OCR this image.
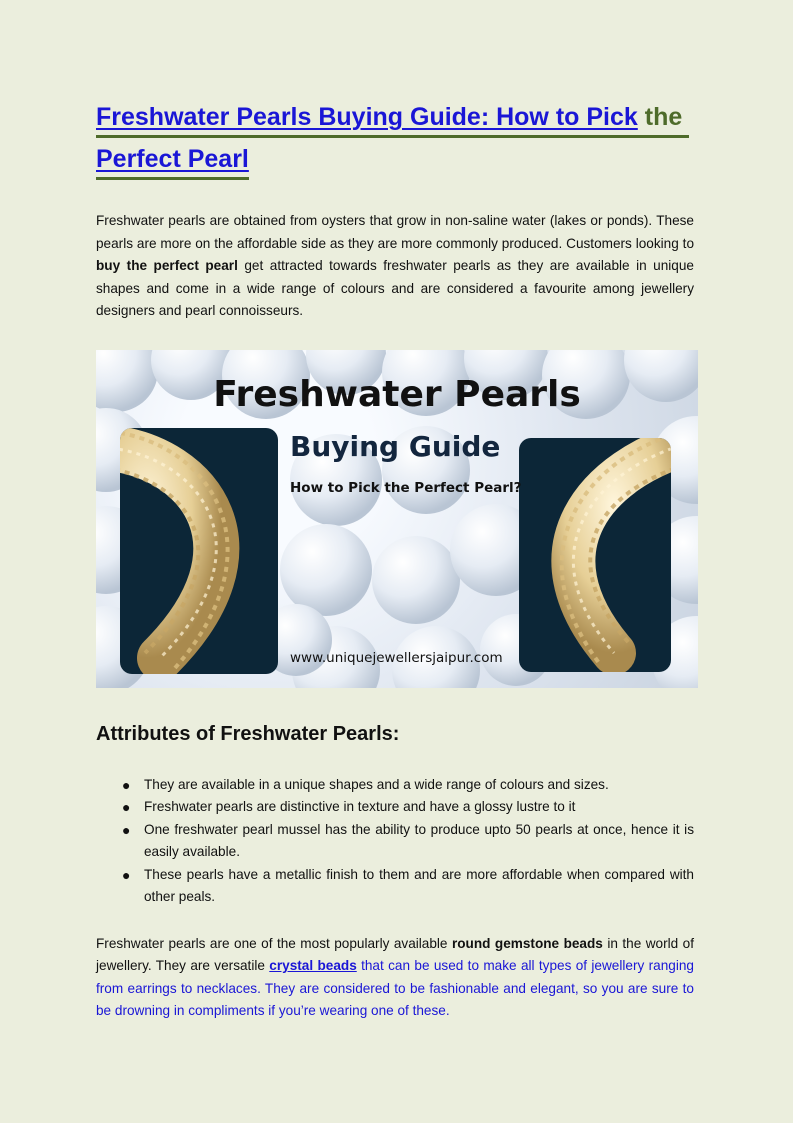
Freshwater Pearls Buying Guide: How to Pick the
Perfect Pearl

Freshwater pearls are obtained from oysters that grow in non-saline water (lakes or ponds). These pearls are more on the affordable side as they are more commonly produced. Customers looking to buy the perfect pearl get attracted towards freshwater pearls as they are available in unique shapes and come in a wide range of colours and are considered a favourite among jewellery designers and pearl connoisseurs.

Freshwater Pearls
Buying Guide
How to Pick the Perfect Pearl?
www.uniquejewellersjaipur.com
Attributes of Freshwater Pearls:
● They are available in a unique shapes and a wide range of colours and sizes.
● Freshwater pearls are distinctive in texture and have a glossy lustre to it
● One freshwater pearl mussel has the ability to produce upto 50 pearls at once, hence it is easily available.
● These pearls have a metallic finish to them and are more affordable when compared with other peals.

Freshwater pearls are one of the most popularly available round gemstone beads in the world of jewellery. They are versatile crystal beads that can be used to make all types of jewellery ranging from earrings to necklaces. They are considered to be fashionable and elegant, so you are sure to be drowning in compliments if you’re wearing one of these.
